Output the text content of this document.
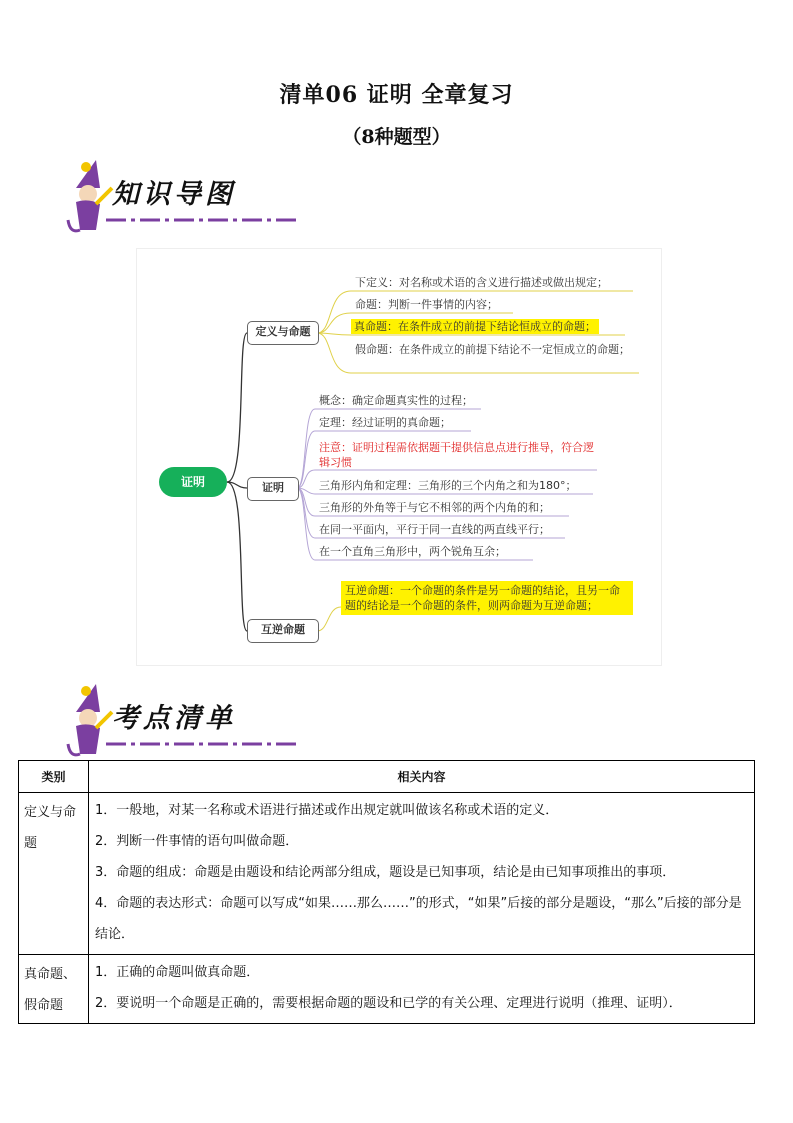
清单06 证明 全章复习
（8种题型）
知识导图
证明
定义与命题
下定义：对名称或术语的含义进行描述或做出规定；
命题：判断一件事情的内容；
真命题：在条件成立的前提下结论恒成立的命题；
假命题：在条件成立的前提下结论不一定恒成立的命题；
证明
概念：确定命题真实性的过程；
定理：经过证明的真命题；
注意：证明过程需依据题干提供信息点进行推导，符合逻辑习惯
三角形内角和定理：三角形的三个内角之和为180°；
三角形的外角等于与它不相邻的两个内角的和；
在同一平面内，平行于同一直线的两直线平行；
在一个直角三角形中，两个锐角互余；
互逆命题
互逆命题：一个命题的条件是另一命题的结论，且另一命题的结论是一个命题的条件，则两命题为互逆命题；
考点清单
类别	相关内容
定义与命题	1．一般地，对某一名称或术语进行描述或作出规定就叫做该名称或术语的定义．

2．判断一件事情的语句叫做命题．

3．命题的组成：命题是由题设和结论两部分组成，题设是已知事项，结论是由已知事项推出的事项．

4．命题的表达形式：命题可以写成“如果……那么……”的形式，“如果”后接的部分是题设，“那么”后接的部分是结论．

真命题、假命题	1．正确的命题叫做真命题．

2．要说明一个命题是正确的，需要根据命题的题设和已学的有关公理、定理进行说明（推理、证明）．
